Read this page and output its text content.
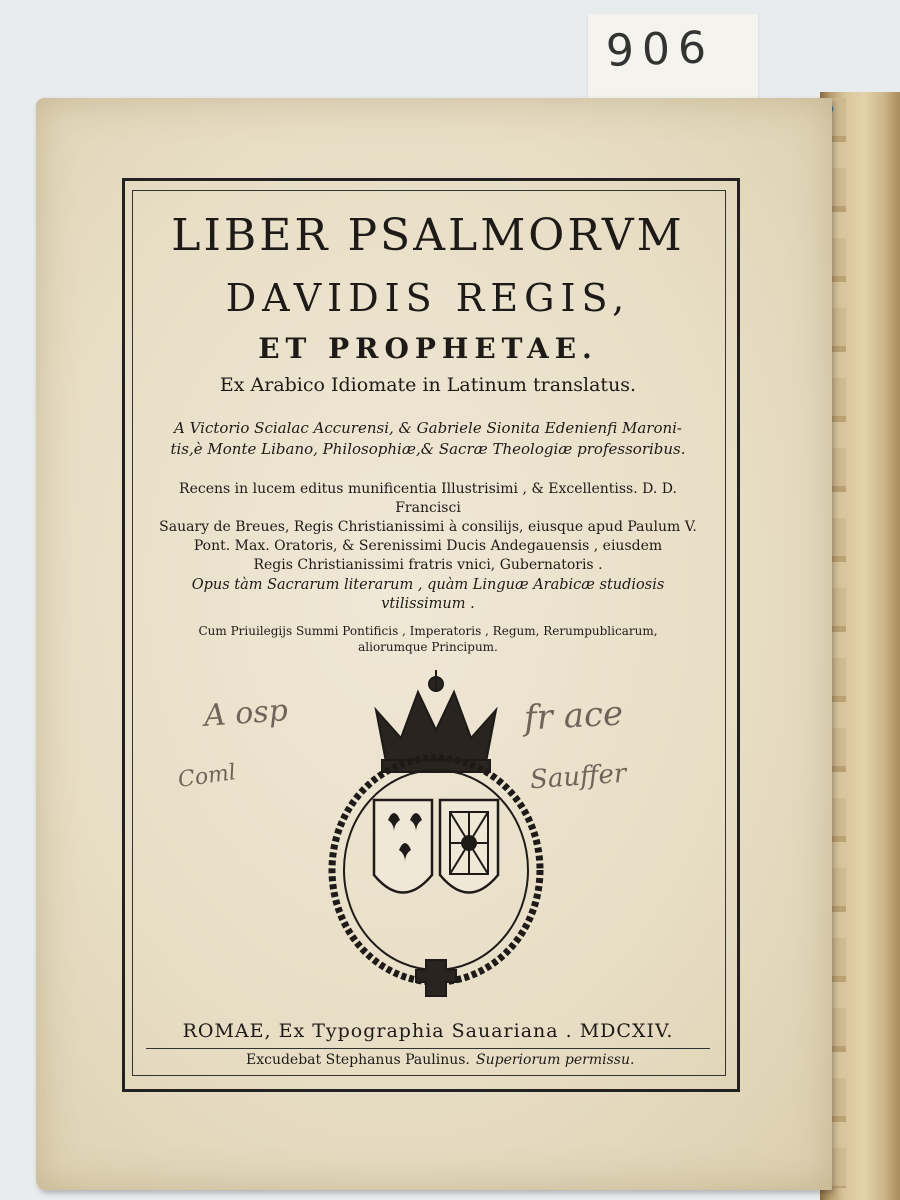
906
LIBER PSALMORVM
DAVIDIS REGIS,
ET PROPHETAE.
Ex Arabico Idiomate in Latinum translatus.
A Victorio Scialac Accurensi, & Gabriele Sionita Edenienfi Maroni-
tis,è Monte Libano, Philosophiæ,& Sacræ Theologiæ professoribus.
Recens in lucem editus munificentia Illustrisimi , & Excellentiss. D. D. Francisci
Sauary de Breues, Regis Christianissimi à consilijs, eiusque apud Paulum V.
Pont. Max. Oratoris, & Serenissimi Ducis Andegauensis , eiusdem
Regis Christianissimi fratris vnici, Gubernatoris .
Opus tàm Sacrarum literarum , quàm Linguæ Arabicæ studiosis
vtilissimum .
Cum Priuilegijs Summi Pontificis , Imperatoris , Regum, Rerumpublicarum,
aliorumque Principum.
A osp
Coml
fr ace
Sauffer
ROMAE, Ex Typographia Sauariana . MDCXIV.
Excudebat Stephanus Paulinus. Superiorum permissu.
